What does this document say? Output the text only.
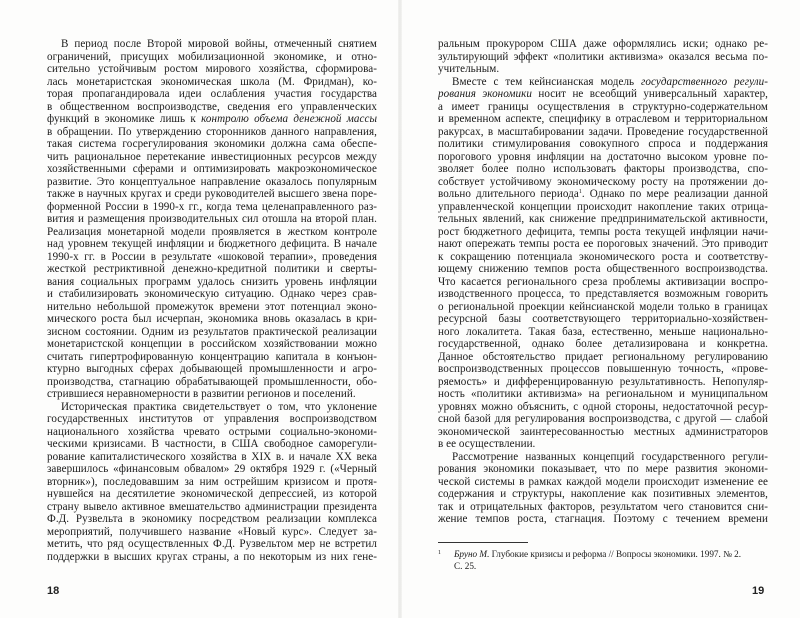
В период после Второй мировой войны, отмеченный снятием
ограничений, присущих мобилизационной экономике, и отно-
сительно устойчивым ростом мирового хозяйства, сформирова-
лась монетаристская экономическая школа (М. Фридман), ко-
торая пропагандировала идеи ослабления участия государства
в общественном воспроизводстве, сведения его управленческих
функций в экономике лишь к контролю объема денежной массы
в обращении. По утверждению сторонников данного направления,
такая система госрегулирования экономики должна сама обеспе-
чить рациональное перетекание инвестиционных ресурсов между
хозяйственными сферами и оптимизировать макроэкономическое
развитие. Это концептуальное направление оказалось популярным
также в научных кругах и среди руководителей высшего звена поре-
форменной России в 1990-х гг., когда тема целенаправленного раз-
вития и размещения производительных сил отошла на второй план.
Реализация монетарной модели проявляется в жестком контроле
над уровнем текущей инфляции и бюджетного дефицита. В начале
1990-х гг. в России в результате «шоковой терапии», проведения
жесткой рестриктивной денежно-кредитной политики и сверты-
вания социальных программ удалось снизить уровень инфляции
и стабилизировать экономическую ситуацию. Однако через срав-
нительно небольшой промежуток времени этот потенциал эконо-
мического роста был исчерпан, экономика вновь оказалась в кри-
зисном состоянии. Одним из результатов практической реализации
монетаристской концепции в российском хозяйствовании можно
считать гипертрофированную концентрацию капитала в конъюн-
ктурно выгодных сферах добывающей промышленности и агро-
производства, стагнацию обрабатывающей промышленности, обо-
стрившиеся неравномерности в развитии регионов и поселений.
Историческая практика свидетельствует о том, что уклонение
государственных институтов от управления воспроизводством
национального хозяйства чревато острыми социально-экономи-
ческими кризисами. В частности, в США свободное саморегули-
рование капиталистического хозяйства в XIX в. и начале XX века
завершилось «финансовым обвалом» 29 октября 1929 г. («Черный
вторник»), последовавшим за ним острейшим кризисом и протя-
нувшейся на десятилетие экономической депрессией, из которой
страну вывело активное вмешательство администрации президента
Ф.Д. Рузвельта в экономику посредством реализации комплекса
мероприятий, получившего название «Новый курс». Следует за-
метить, что ряд осуществленных Ф.Д. Рузвельтом мер не встретил
поддержки в высших кругах страны, а по некоторым из них гене-
18
ральным прокурором США даже оформлялись иски; однако ре-
зультирующий эффект «политики активизма» оказался весьма по-
учительным.
Вместе с тем кейнсианская модель государственного регули-
рования экономики носит не всеобщий универсальный характер,
а имеет границы осуществления в структурно-содержательном
и временно́м аспекте, специфику в отраслевом и территориальном
ракурсах, в масштабировании задачи. Проведение государственной
политики стимулирования совокупного спроса и поддержания
порогового уровня инфляции на достаточно высоком уровне по-
зволяет более полно использовать факторы производства, спо-
собствует устойчивому экономическому росту на протяжении до-
вольно длительного периода$^1$. Однако по мере реализации данной
управленческой концепции происходит накопление таких отрица-
тельных явлений, как снижение предпринимательской активности,
рост бюджетного дефицита, темпы роста текущей инфляции начи-
нают опережать темпы роста ее пороговых значений. Это приводит
к сокращению потенциала экономического роста и соответству-
ющему снижению темпов роста общественного воспроизводства.
Что касается регионального среза проблемы активизации воспро-
изводственного процесса, то представляется возможным говорить
о региональной проекции кейнсианской модели только в границах
ресурсной базы соответствующего территориально-хозяйствен-
ного локалитета. Такая база, естественно, меньше национально-
государственной, однако более детализирована и конкретна.
Данное обстоятельство придает региональному регулированию
воспроизводственных процессов повышенную точность, «прове-
ряемость» и дифференцированную результативность. Непопуляр-
ность «политики активизма» на региональном и муниципальном
уровнях можно объяснить, с одной стороны, недостаточной ресур-
сной базой для регулирования воспроизводства, с другой — слабой
экономической заинтересованностью местных администраторов
в ее осуществлении.
Рассмотрение названных концепций государственного регули-
рования экономики показывает, что по мере развития экономи-
ческой системы в рамках каждой модели происходит изменение ее
содержания и структуры, накопление как позитивных элементов,
так и отрицательных факторов, результатом чего становится сни-
жение темпов роста, стагнация. Поэтому с течением времени
1	Бруно М. Глубокие кризисы и реформа // Вопросы экономики. 1997. № 2.
С. 25.
19
